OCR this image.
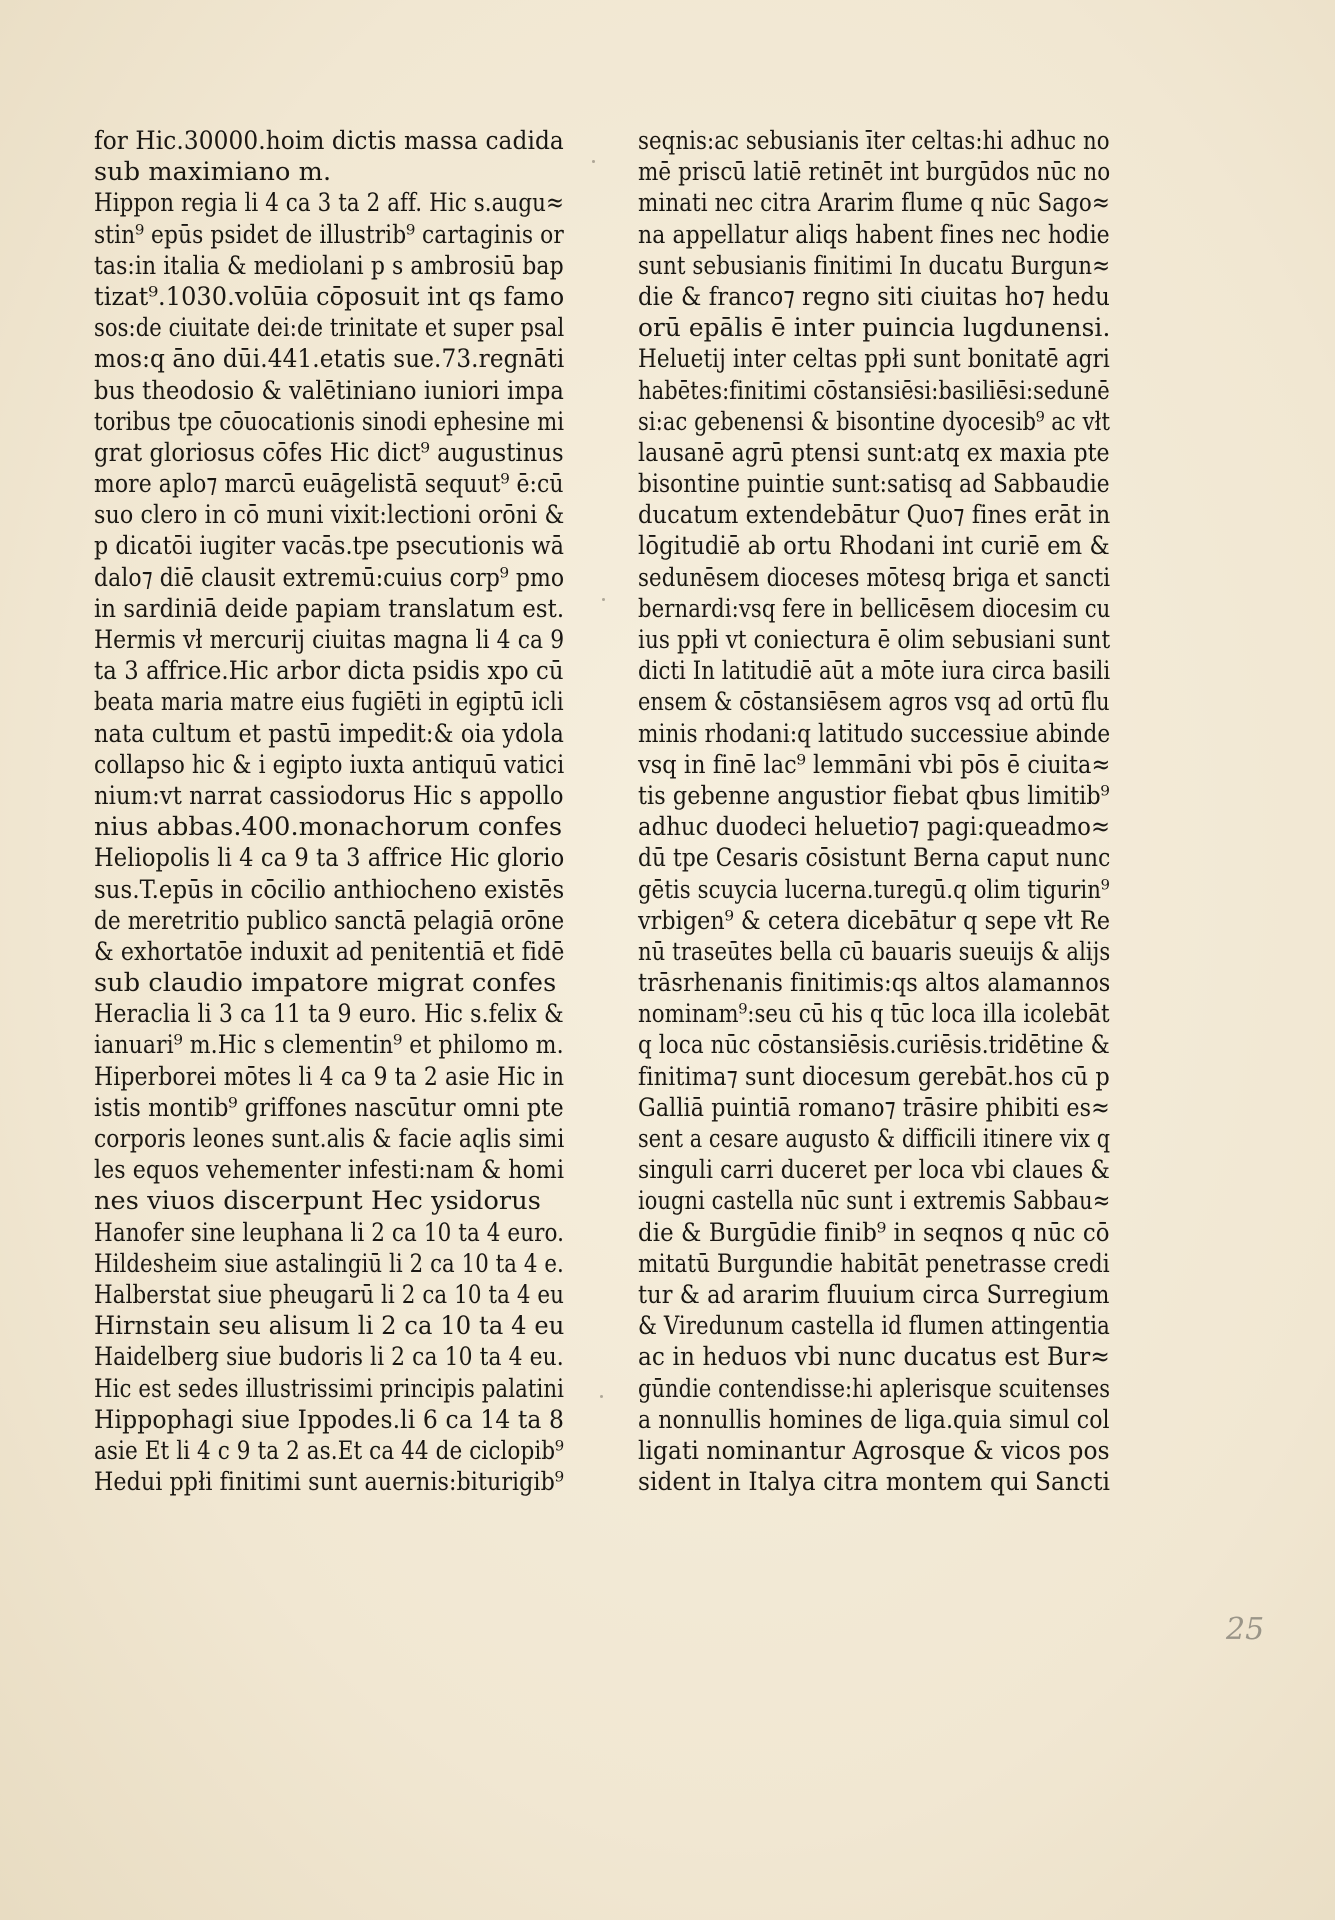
for Hic.30000.hoim dictis massa cadida
sub maximiano m.
Hippon regia li 4 ca 3 ta 2 aff. Hic s.augu≈
stin⁹ epūs psidet de illustrib⁹ cartaginis or
tas:in italia & mediolani p s ambrosiū bap
tizat⁹.1030.volūia cōposuit int qs famo
sos:de ciuitate dei:de trinitate et super psal
mos:q āno dūi.441.etatis sue.73.regnāti
bus theodosio & valētiniano iuniori impa
toribus tpe cōuocationis sinodi ephesine mi
grat gloriosus cōfes Hic dict⁹ augustinus
more aplo⁊ marcū euāgelistā sequut⁹ ē:cū
suo clero in cō muni vixit:lectioni orōni &
p dicatōi iugiter vacās.tpe psecutionis wā
dalo⁊ diē clausit extremū:cuius corp⁹ pmo
in sardiniā deide papiam translatum est.
Hermis vł mercurij ciuitas magna li 4 ca 9
ta 3 affrice.Hic arbor dicta psidis xpo cū
beata maria matre eius fugiēti in egiptū icli
nata cultum et pastū impedit:& oia ydola
collapso hic & i egipto iuxta antiquū vatici
nium:vt narrat cassiodorus Hic s appollo
nius abbas.400.monachorum confes
Heliopolis li 4 ca 9 ta 3 affrice Hic glorio
sus.T.epūs in cōcilio anthiocheno existēs
de meretritio publico sanctā pelagiā orōne
& exhortatōe induxit ad penitentiā et fidē
sub claudio impatore migrat confes
Heraclia li 3 ca 11 ta 9 euro. Hic s.felix &
ianuari⁹ m.Hic s clementin⁹ et philomo m.
Hiperborei mōtes li 4 ca 9 ta 2 asie Hic in
istis montib⁹ griffones nascūtur omni pte
corporis leones sunt.alis & facie aqlis simi
les equos vehementer infesti:nam & homi
nes viuos discerpunt Hec ysidorus
Hanofer sine leuphana li 2 ca 10 ta 4 euro.
Hildesheim siue astalingiū li 2 ca 10 ta 4 e.
Halberstat siue pheugarū li 2 ca 10 ta 4 eu
Hirnstain seu alisum li 2 ca 10 ta 4 eu
Haidelberg siue budoris li 2 ca 10 ta 4 eu.
Hic est sedes illustrissimi principis palatini
Hippophagi siue Ippodes.li 6 ca 14 ta 8
asie Et li 4 c 9 ta 2 as.Et ca 44 de ciclopib⁹
Hedui ppłi finitimi sunt auernis:biturigib⁹
seqnis:ac sebusianis īter celtas:hi adhuc no
mē priscū latiē retinēt int burgūdos nūc no
minati nec citra Ararim flume q nūc Sago≈
na appellatur aliqs habent fines nec hodie
sunt sebusianis finitimi In ducatu Burgun≈
die & franco⁊ regno siti ciuitas ho⁊ hedu
orū epālis ē inter puincia lugdunensi.
Heluetij inter celtas ppłi sunt bonitatē agri
habētes:finitimi cōstansiēsi:basiliēsi:sedunē
si:ac gebenensi & bisontine dyocesib⁹ ac vłt
lausanē agrū ptensi sunt:atq ex maxia pte
bisontine puintie sunt:satisq ad Sabbaudie
ducatum extendebātur Quo⁊ fines erāt in
lōgitudiē ab ortu Rhodani int curiē em &
sedunēsem dioceses mōtesq briga et sancti
bernardi:vsq fere in bellicēsem diocesim cu
ius ppłi vt coniectura ē olim sebusiani sunt
dicti In latitudiē aūt a mōte iura circa basili
ensem & cōstansiēsem agros vsq ad ortū flu
minis rhodani:q latitudo successiue abinde
vsq in finē lac⁹ lemmāni vbi pōs ē ciuita≈
tis gebenne angustior fiebat qbus limitib⁹
adhuc duodeci heluetio⁊ pagi:queadmo≈
dū tpe Cesaris cōsistunt Berna caput nunc
gētis scuycia lucerna.turegū.q olim tigurin⁹
vrbigen⁹ & cetera dicebātur q sepe vłt Re
nū traseūtes bella cū bauaris sueuijs & alijs
trāsrhenanis finitimis:qs altos alamannos
nominam⁹:seu cū his q tūc loca illa icolebāt
q loca nūc cōstansiēsis.curiēsis.tridētine &
finitima⁊ sunt diocesum gerebāt.hos cū p
Galliā puintiā romano⁊ trāsire phibiti es≈
sent a cesare augusto & difficili itinere vix q
singuli carri duceret per loca vbi claues &
iougni castella nūc sunt i extremis Sabbau≈
die & Burgūdie finib⁹ in seqnos q nūc cō
mitatū Burgundie habitāt penetrasse credi
tur & ad ararim fluuium circa Surregium
& Viredunum castella id flumen attingentia
ac in heduos vbi nunc ducatus est Bur≈
gūndie contendisse:hi aplerisque scuitenses
a nonnullis homines de liga.quia simul col
ligati nominantur Agrosque & vicos pos
sident in Italya citra montem qui Sancti
25
